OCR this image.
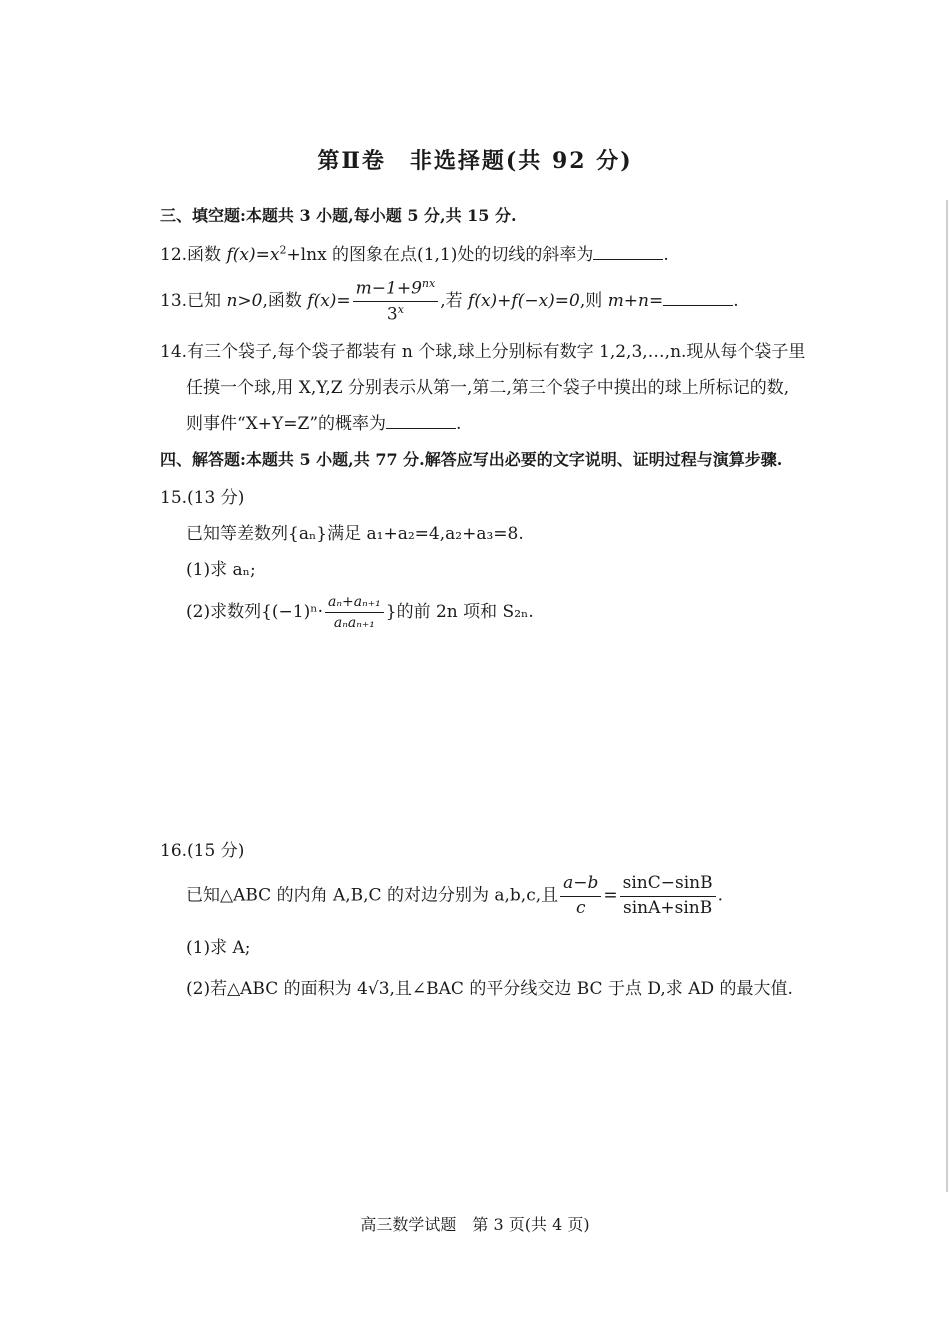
第Ⅱ卷　非选择题(共 92 分)
三、填空题:本题共 3 小题,每小题 5 分,共 15 分.
12.函数 $f(x)=x^2+\ln x$ 的图象在点(1,1)处的切线的斜率为	.
13.已知 n>0,函数 $f(x)= \frac{m-1+9^{nx}}{3^x}$ ,若 f(x)+f(−x)=0,则 m+n=	.
14.有三个袋子,每个袋子都装有 n 个球,球上分别标有数字 1,2,3,…,n.现从每个袋子里
任摸一个球,用 X,Y,Z 分别表示从第一,第二,第三个袋子中摸出的球上所标记的数,
则事件“X+Y=Z”的概率为	.
四、解答题:本题共 5 小题,共 77 分.解答应写出必要的文字说明、证明过程与演算步骤.
15.(13 分)
已知等差数列{aₙ}满足 a₁+a₂=4,a₂+a₃=8.
(1)求 aₙ;
(2)求数列{$(-1)^n\cdot \frac{\text{aₙ+aₙ₊₁}}{\text{aₙaₙ₊₁}}$ }的前 2n 项和 S₂ₙ.
16.(15 分)
已知△ABC 的内角 A,B,C 的对边分别为 a,b,c,且 $\frac{a-b}{c} = \frac{\sin C-\sin B}{\sin A+\sin B}$ .
(1)求 A;
(2)若△ABC 的面积为 4√3,且∠BAC 的平分线交边 BC 于点 D,求 AD 的最大值.
高三数学试题　第 3 页(共 4 页)
